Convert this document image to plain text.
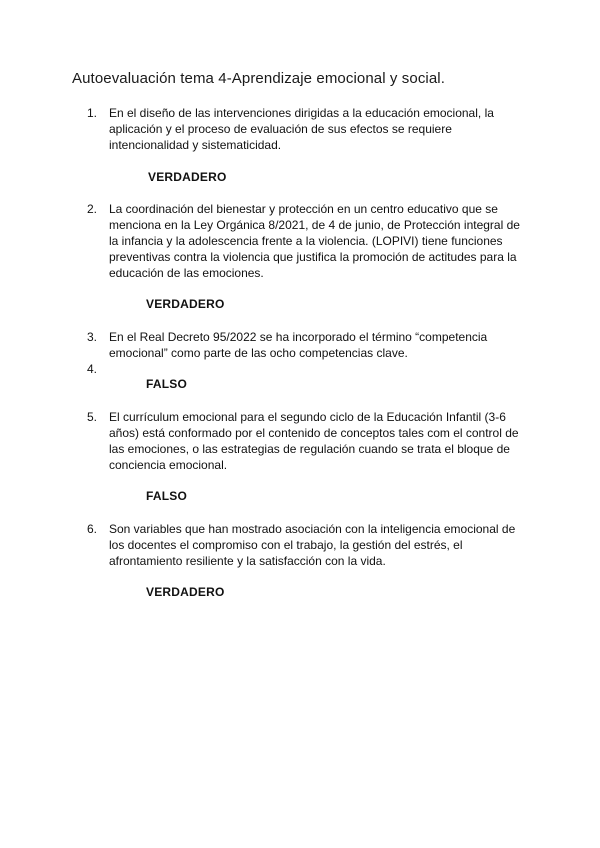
Autoevaluación tema 4-Aprendizaje emocional y social.
1. En el diseño de las intervenciones dirigidas a la educación emocional, la
aplicación y el proceso de evaluación de sus efectos se requiere
intencionalidad y sistematicidad.
VERDADERO
2. La coordinación del bienestar y protección en un centro educativo que se
menciona en la Ley Orgánica 8/2021, de 4 de junio, de Protección integral de
la infancia y la adolescencia frente a la violencia. (LOPIVI) tiene funciones
preventivas contra la violencia que justifica la promoción de actitudes para la
educación de las emociones.
VERDADERO
3. En el Real Decreto 95/2022 se ha incorporado el término “competencia
emocional” como parte de las ocho competencias clave.
4.
FALSO
5. El currículum emocional para el segundo ciclo de la Educación Infantil (3-6
años) está conformado por el contenido de conceptos tales com el control de
las emociones, o las estrategias de regulación cuando se trata el bloque de
conciencia emocional.
FALSO
6. Son variables que han mostrado asociación con la inteligencia emocional de
los docentes el compromiso con el trabajo, la gestión del estrés, el
afrontamiento resiliente y la satisfacción con la vida.
VERDADERO
